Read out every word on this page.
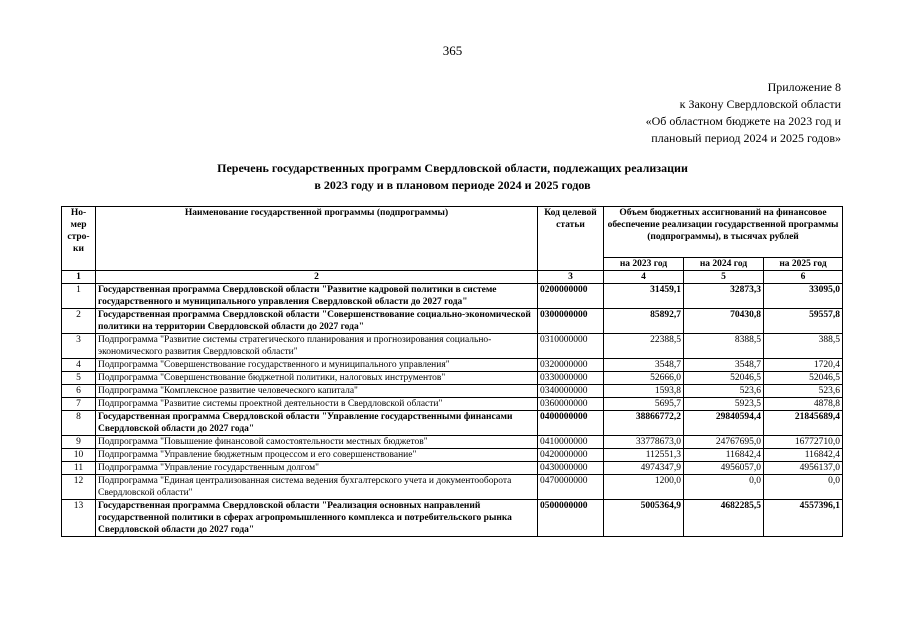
365
Приложение 8
к Закону Свердловской области
«Об областном бюджете на 2023 год и
плановый период 2024 и 2025 годов»
Перечень государственных программ Свердловской области, подлежащих реализации
в 2023 году и в плановом периоде 2024 и 2025 годов
Но-мер стро-ки	Наименование государственной программы (подпрограммы)	Код целевой статьи	Объем бюджетных ассигнований на финансовое обеспечение реализации государственной программы (подпрограммы), в тысячах рублей		
			на 2023 год	на 2024 год	на 2025 год
1	2	3	4	5	6
1	Государственная программа Свердловской области "Развитие кадровой политики в системе государственного и муниципального управления Свердловской области до 2027 года"	0200000000	31459,1	32873,3	33095,0
2	Государственная программа Свердловской области "Совершенствование социально-экономической политики на территории Свердловской области до 2027 года"	0300000000	85892,7	70430,8	59557,8
3	Подпрограмма "Развитие системы стратегического планирования и прогнозирования социально-экономического развития Свердловской области"	0310000000	22388,5	8388,5	388,5
4	Подпрограмма "Совершенствование государственного и муниципального управления"	0320000000	3548,7	3548,7	1720,4
5	Подпрограмма "Совершенствование бюджетной политики, налоговых инструментов"	0330000000	52666,0	52046,5	52046,5
6	Подпрограмма "Комплексное развитие человеческого капитала"	0340000000	1593,8	523,6	523,6
7	Подпрограмма "Развитие системы проектной деятельности в Свердловской области"	0360000000	5695,7	5923,5	4878,8
8	Государственная программа Свердловской области "Управление государственными финансами Свердловской области до 2027 года"	0400000000	38866772,2	29840594,4	21845689,4
9	Подпрограмма "Повышение финансовой самостоятельности местных бюджетов"	0410000000	33778673,0	24767695,0	16772710,0
10	Подпрограмма "Управление бюджетным процессом и его совершенствование"	0420000000	112551,3	116842,4	116842,4
11	Подпрограмма "Управление государственным долгом"	0430000000	4974347,9	4956057,0	4956137,0
12	Подпрограмма "Единая централизованная система ведения бухгалтерского учета и документооборота Свердловской области"	0470000000	1200,0	0,0	0,0
13	Государственная программа Свердловской области "Реализация основных направлений государственной политики в сферах агропромышленного комплекса и потребительского рынка Свердловской области до 2027 года"	0500000000	5005364,9	4682285,5	4557396,1
